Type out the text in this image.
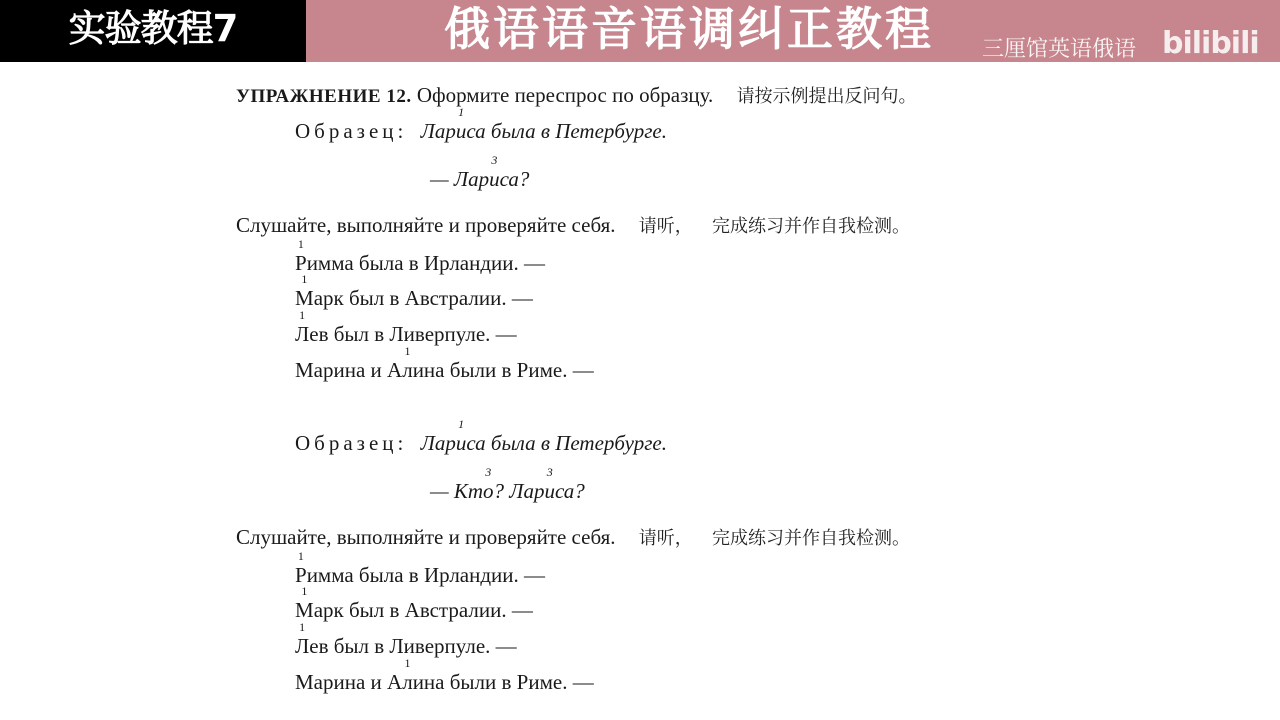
实验教程7	俄语语音语调纠正教程 三厘馆英语俄语 bilibili
УПРАЖНЕНИЕ 12. Оформите переспрос по образцу. 请按示例提出反问句。
Образец: Лар
1
иса была в Петербурге.
— Лар
3
иса?
Слушайте, выполняйте и проверяйте себя. 请听， 完成练习并作自我检测。
1
Римма была в Ирландии. —
1
Марк был в Австралии. —
1
Лев был в Ливерпуле. —
Марина и А
1
лина были в Риме. —
Образец: Лар
1
иса была в Петербурге.
— Кт
3
о? Лар
3
иса?
Слушайте, выполняйте и проверяйте себя. 请听， 完成练习并作自我检测。
1
Римма была в Ирландии. —
1
Марк был в Австралии. —
1
Лев был в Ливерпуле. —
Марина и А
1
лина были в Риме. —
